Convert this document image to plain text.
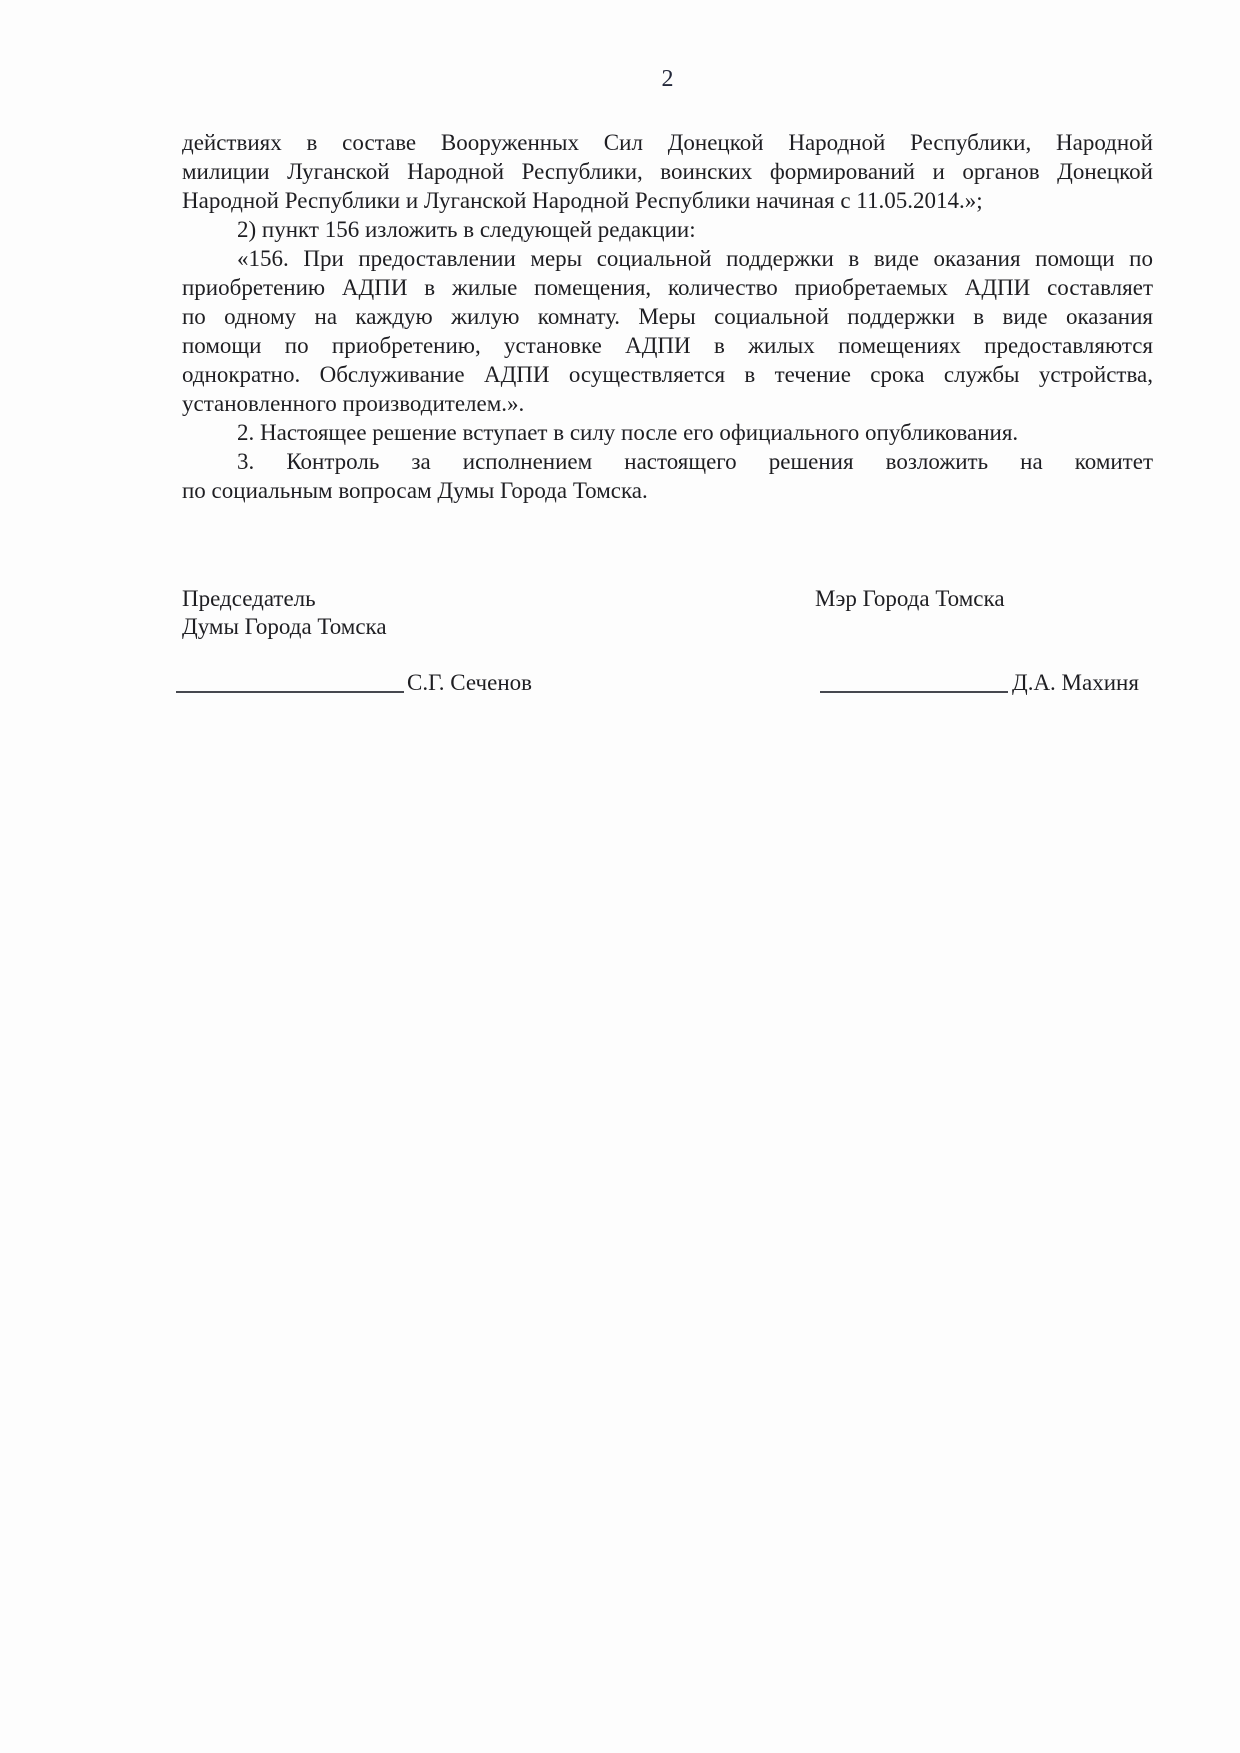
2
действиях в составе Вооруженных Сил Донецкой Народной Республики, Народной
милиции Луганской Народной Республики, воинских формирований и органов Донецкой
Народной Республики и Луганской Народной Республики начиная с 11.05.2014.»;
2) пункт 156 изложить в следующей редакции:
«156. При предоставлении меры социальной поддержки в виде оказания помощи по
приобретению АДПИ в жилые помещения, количество приобретаемых АДПИ составляет
по одному на каждую жилую комнату. Меры социальной поддержки в виде оказания
помощи по приобретению, установке АДПИ в жилых помещениях предоставляются
однократно. Обслуживание АДПИ осуществляется в течение срока службы устройства,
установленного производителем.».
2. Настоящее решение вступает в силу после его официального опубликования.
3. Контроль за исполнением настоящего решения возложить на комитет
по социальным вопросам Думы Города Томска.
Председатель	Мэр Города Томска
Думы Города Томска
С.Г. Сеченов	Д.А. Махиня
